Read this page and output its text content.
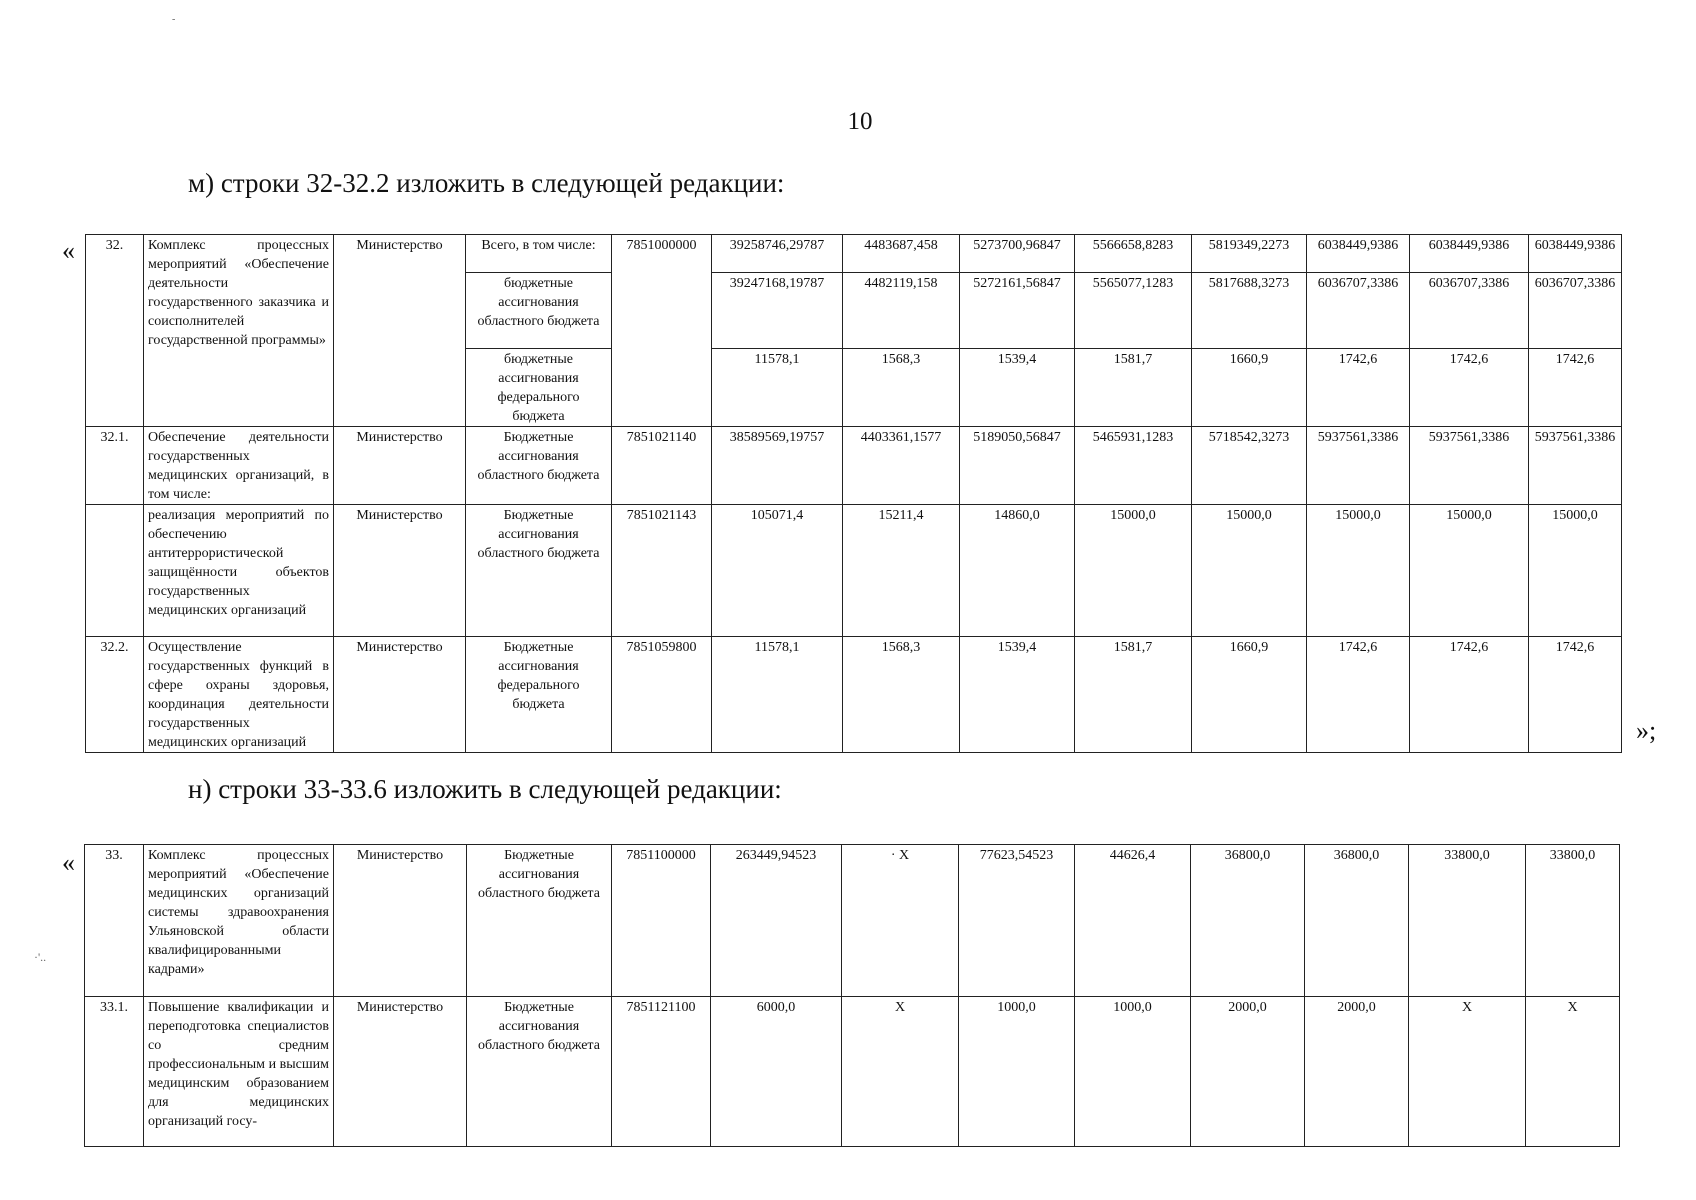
-
10
м) строки 32-32.2 изложить в следующей редакции:
« 32.	Комплекс процессных мероприятий «Обеспечение деятельности государственного заказчика и соисполнителей государственной программы»	Министерство	Всего, в том числе:	7851000000	39258746,29787	4483687,458	5273700,96847	5566658,8283	5819349,2273	6038449,9386	6038449,9386	6038449,9386
			бюджетные ассигнования областного бюджета		39247168,19787	4482119,158	5272161,56847	5565077,1283	5817688,3273	6036707,3386	6036707,3386	6036707,3386
			бюджетные ассигнования федерального бюджета		11578,1	1568,3	1539,4	1581,7	1660,9	1742,6	1742,6	1742,6
32.1.	Обеспечение деятельности государственных медицинских организаций, в том числе:	Министерство	Бюджетные ассигнования областного бюджета	7851021140	38589569,19757	4403361,1577	5189050,56847	5465931,1283	5718542,3273	5937561,3386	5937561,3386	5937561,3386
	реализация мероприятий по обеспечению антитеррористической защищённости объектов государственных медицинских организаций	Министерство	Бюджетные ассигнования областного бюджета	7851021143	105071,4	15211,4	14860,0	15000,0	15000,0	15000,0	15000,0	15000,0
32.2.	Осуществление государственных функций в сфере охраны здоровья, координация деятельности государственных медицинских организаций	Министерство	Бюджетные ассигнования федерального бюджета	7851059800	11578,1	1568,3	1539,4	1581,7	1660,9	1742,6	1742,6	1742,6
»;
н) строки 33-33.6 изложить в следующей редакции:
«
·'..
33.	Комплекс процессных мероприятий «Обеспечение медицинских организаций системы здравоохранения Ульяновской области квалифицированными кадрами»	Министерство	Бюджетные ассигнования областного бюджета	7851100000	263449,94523	· X	77623,54523	44626,4	36800,0	36800,0	33800,0	33800,0
33.1.	Повышение квалификации и переподготовка специалистов со средним профессиональным и высшим медицинским образованием для медицинских организаций госу-	Министерство	Бюджетные ассигнования областного бюджета	7851121100	6000,0	X	1000,0	1000,0	2000,0	2000,0	X	X
